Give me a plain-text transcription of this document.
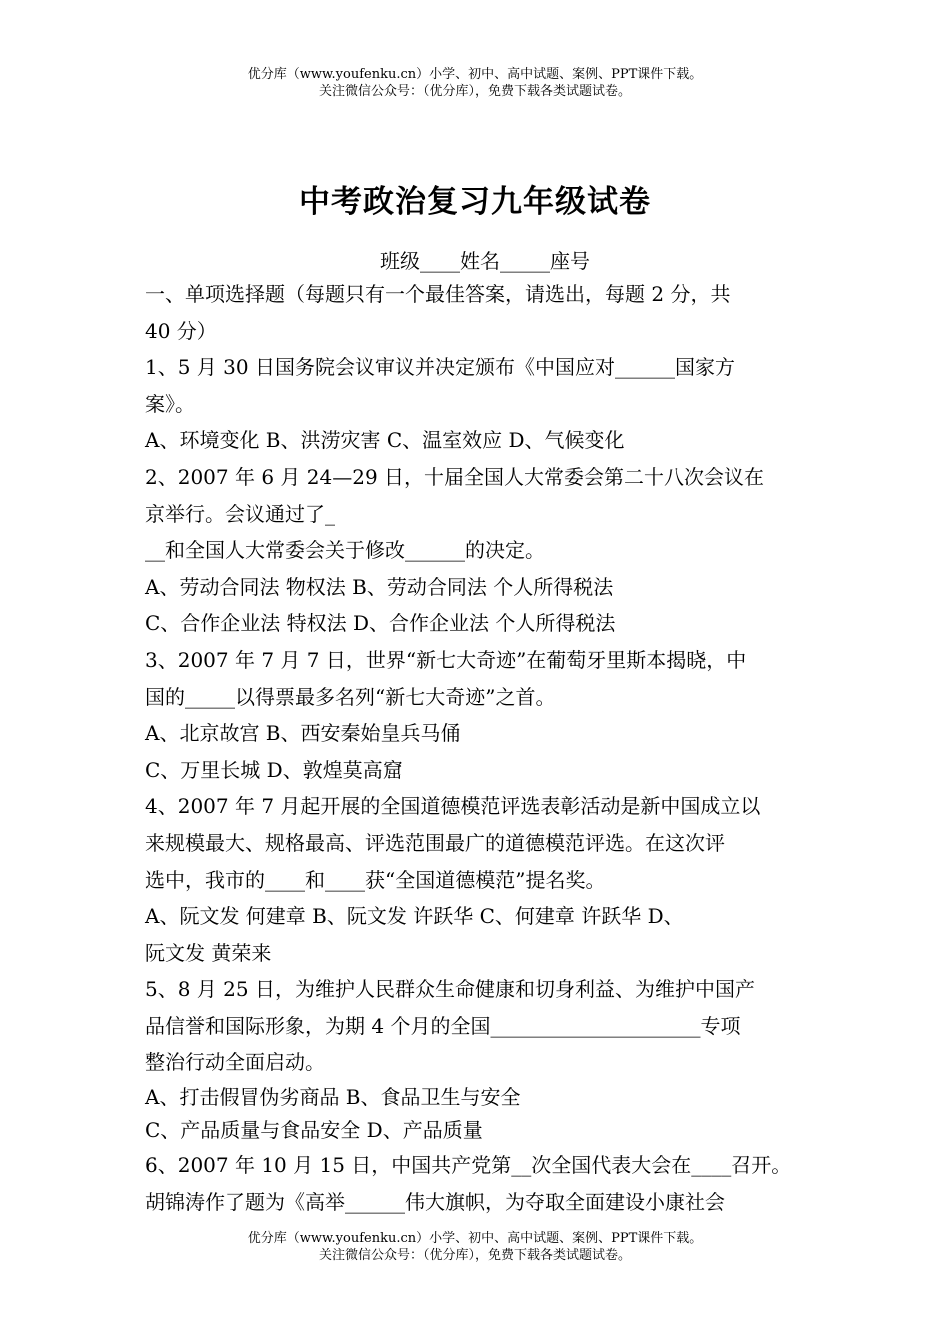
优分库（www.youfenku.cn）小学、初中、高中试题、案例、PPT课件下载。
关注微信公众号：（优分库），免费下载各类试题试卷。
中考政治复习九年级试卷
班级____姓名_____座号
一、单项选择题（每题只有一个最佳答案，请选出，每题 2 分，共
40 分）
1、5 月 30 日国务院会议审议并决定颁布《中国应对______国家方
案》。
A、环境变化 B、洪涝灾害 C、温室效应 D、气候变化
2、2007 年 6 月 24—29 日，十届全国人大常委会第二十八次会议在
京举行。会议通过了_
__和全国人大常委会关于修改______的决定。
A、劳动合同法 物权法 B、劳动合同法 个人所得税法
C、合作企业法 特权法 D、合作企业法 个人所得税法
3、2007 年 7 月 7 日，世界“新七大奇迹”在葡萄牙里斯本揭晓，中
国的_____以得票最多名列“新七大奇迹”之首。
A、北京故宫 B、西安秦始皇兵马俑
C、万里长城 D、敦煌莫高窟
4、2007 年 7 月起开展的全国道德模范评选表彰活动是新中国成立以
来规模最大、规格最高、评选范围最广的道德模范评选。在这次评
选中，我市的____和____获“全国道德模范”提名奖。
A、阮文发 何建章 B、阮文发 许跃华 C、何建章 许跃华 D、
阮文发 黄荣来
5、8 月 25 日，为维护人民群众生命健康和切身利益、为维护中国产
品信誉和国际形象，为期 4 个月的全国_____________________专项
整治行动全面启动。
A、打击假冒伪劣商品 B、食品卫生与安全
C、产品质量与食品安全 D、产品质量
6、2007 年 10 月 15 日，中国共产党第__次全国代表大会在____召开。
胡锦涛作了题为《高举______伟大旗帜，为夺取全面建设小康社会
优分库（www.youfenku.cn）小学、初中、高中试题、案例、PPT课件下载。
关注微信公众号：（优分库），免费下载各类试题试卷。
